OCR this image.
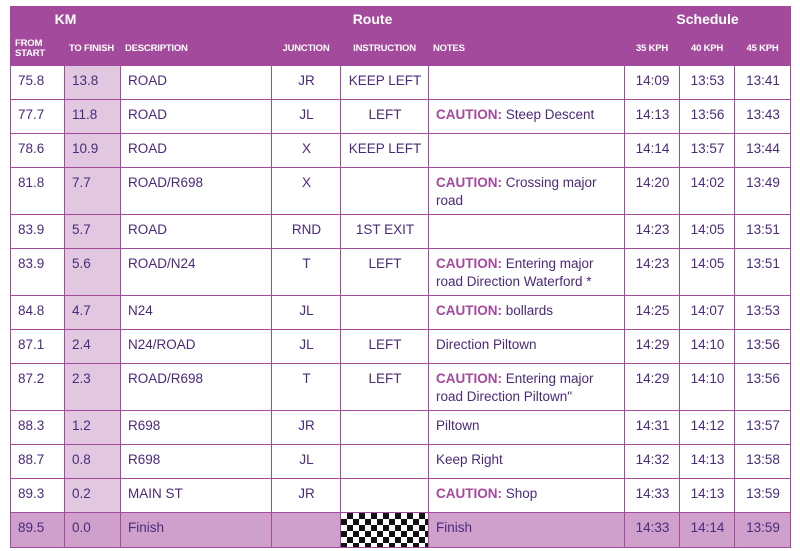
KM		Route				Schedule		
FROM START	TO FINISH	DESCRIPTION	JUNCTION	INSTRUCTION	NOTES	35 KPH	40 KPH	45 KPH
75.8	13.8	ROAD	JR	KEEP LEFT		14:09	13:53	13:41
77.7	11.8	ROAD	JL	LEFT	CAUTION: Steep Descent	14:13	13:56	13:43
78.6	10.9	ROAD	X	KEEP LEFT		14:14	13:57	13:44
81.8	7.7	ROAD/R698	X		CAUTION: Crossing major road	14:20	14:02	13:49
83.9	5.7	ROAD	RND	1ST EXIT		14:23	14:05	13:51
83.9	5.6	ROAD/N24	T	LEFT	CAUTION: Entering major road Direction Waterford *	14:23	14:05	13:51
84.8	4.7	N24	JL		CAUTION: bollards	14:25	14:07	13:53
87.1	2.4	N24/ROAD	JL	LEFT	Direction Piltown	14:29	14:10	13:56
87.2	2.3	ROAD/R698	T	LEFT	CAUTION: Entering major road Direction Piltown"	14:29	14:10	13:56
88.3	1.2	R698	JR		Piltown	14:31	14:12	13:57
88.7	0.8	R698	JL		Keep Right	14:32	14:13	13:58
89.3	0.2	MAIN ST	JR		CAUTION: Shop	14:33	14:13	13:59
89.5	0.0	Finish			Finish	14:33	14:14	13:59
